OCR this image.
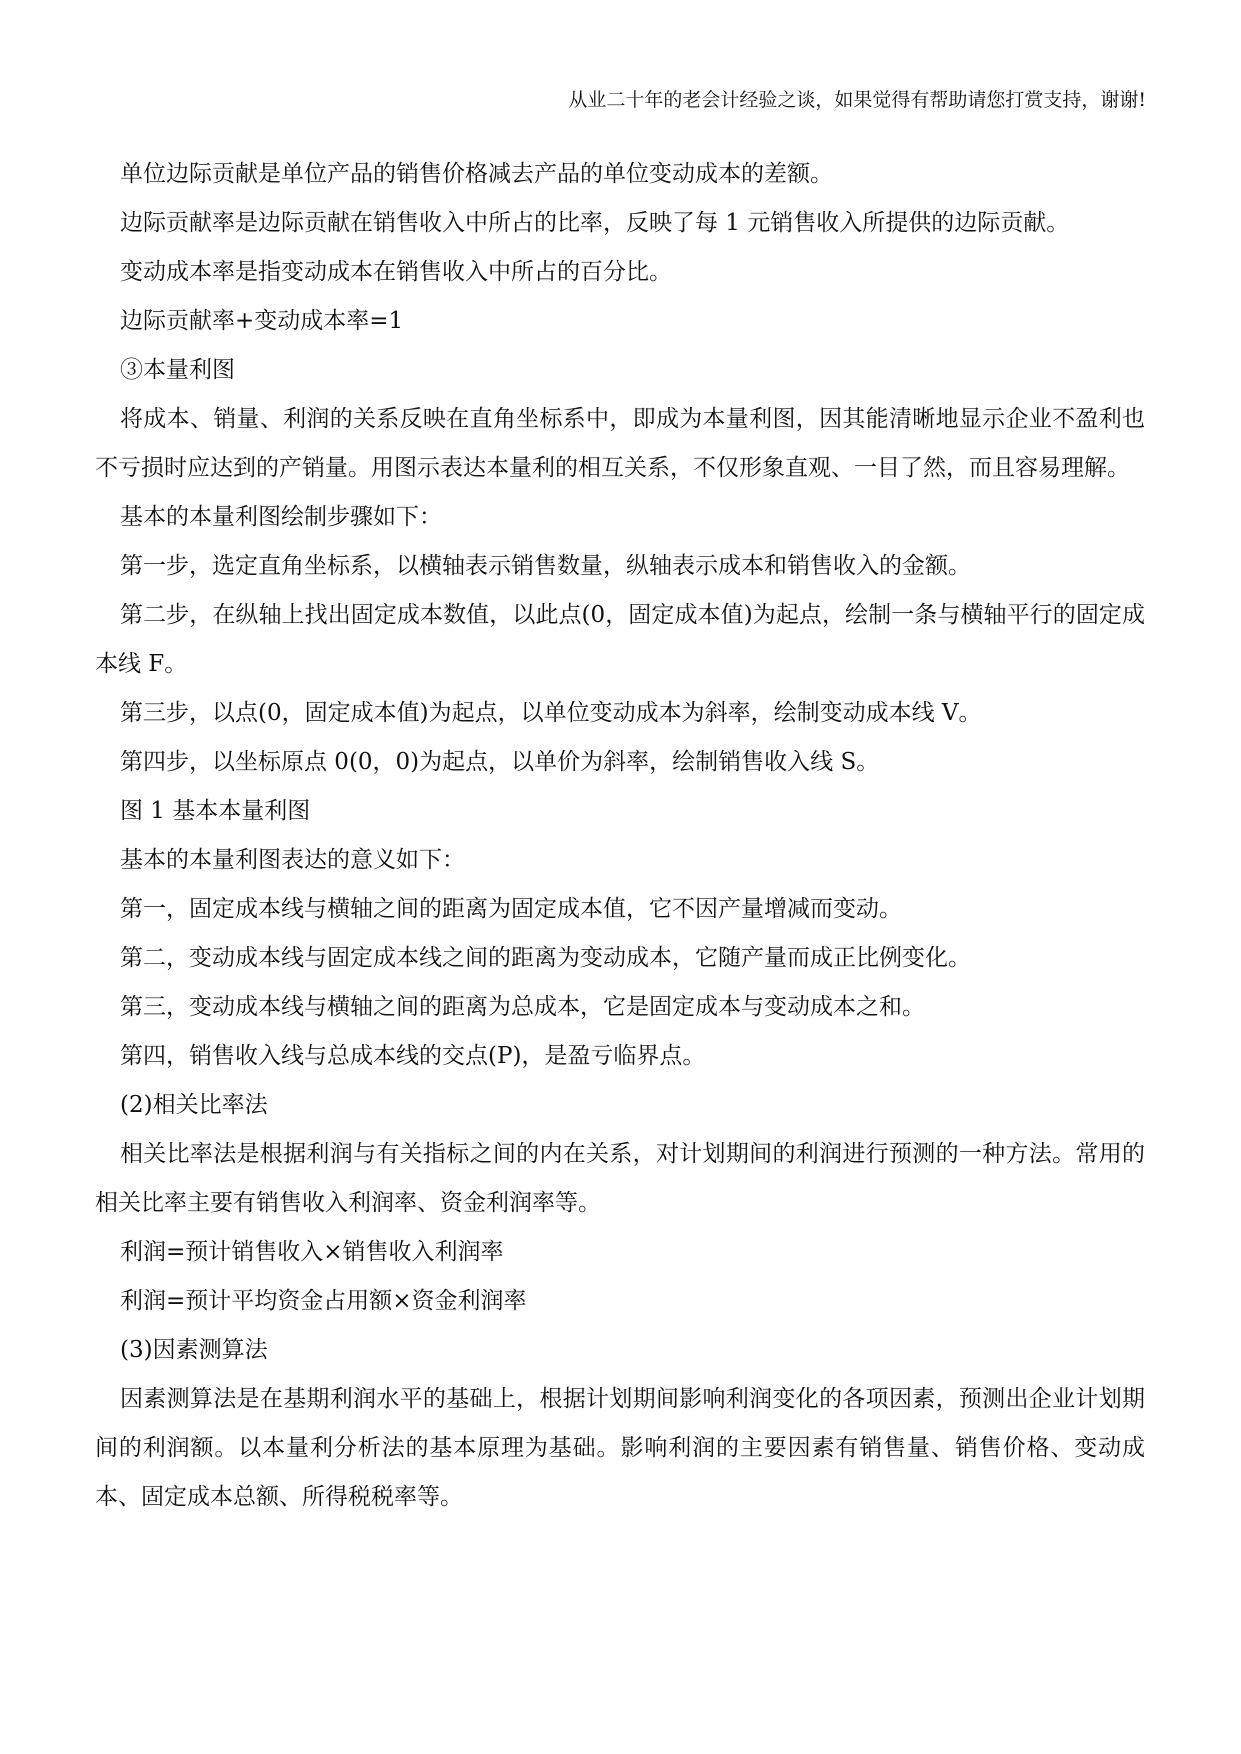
从业二十年的老会计经验之谈，如果觉得有帮助请您打赏支持，谢谢!

单位边际贡献是单位产品的销售价格减去产品的单位变动成本的差额。

边际贡献率是边际贡献在销售收入中所占的比率，反映了每 1 元销售收入所提供的边际贡献。

变动成本率是指变动成本在销售收入中所占的百分比。

边际贡献率+变动成本率=1

③本量利图

将成本、销量、利润的关系反映在直角坐标系中，即成为本量利图，因其能清晰地显示企业不盈利也不亏损时应达到的产销量。用图示表达本量利的相互关系，不仅形象直观、一目了然，而且容易理解。

基本的本量利图绘制步骤如下：

第一步，选定直角坐标系，以横轴表示销售数量，纵轴表示成本和销售收入的金额。

第二步，在纵轴上找出固定成本数值，以此点(0，固定成本值)为起点，绘制一条与横轴平行的固定成本线 F。

第三步，以点(0，固定成本值)为起点，以单位变动成本为斜率，绘制变动成本线 V。

第四步，以坐标原点 0(0，0)为起点，以单价为斜率，绘制销售收入线 S。

图 1 基本本量利图

基本的本量利图表达的意义如下：

第一，固定成本线与横轴之间的距离为固定成本值，它不因产量增减而变动。

第二，变动成本线与固定成本线之间的距离为变动成本，它随产量而成正比例变化。

第三，变动成本线与横轴之间的距离为总成本，它是固定成本与变动成本之和。

第四，销售收入线与总成本线的交点(P)，是盈亏临界点。

(2)相关比率法

相关比率法是根据利润与有关指标之间的内在关系，对计划期间的利润进行预测的一种方法。常用的相关比率主要有销售收入利润率、资金利润率等。

利润=预计销售收入×销售收入利润率

利润=预计平均资金占用额×资金利润率

(3)因素测算法

因素测算法是在基期利润水平的基础上，根据计划期间影响利润变化的各项因素，预测出企业计划期间的利润额。以本量利分析法的基本原理为基础。影响利润的主要因素有销售量、销售价格、变动成本、固定成本总额、所得税税率等。
